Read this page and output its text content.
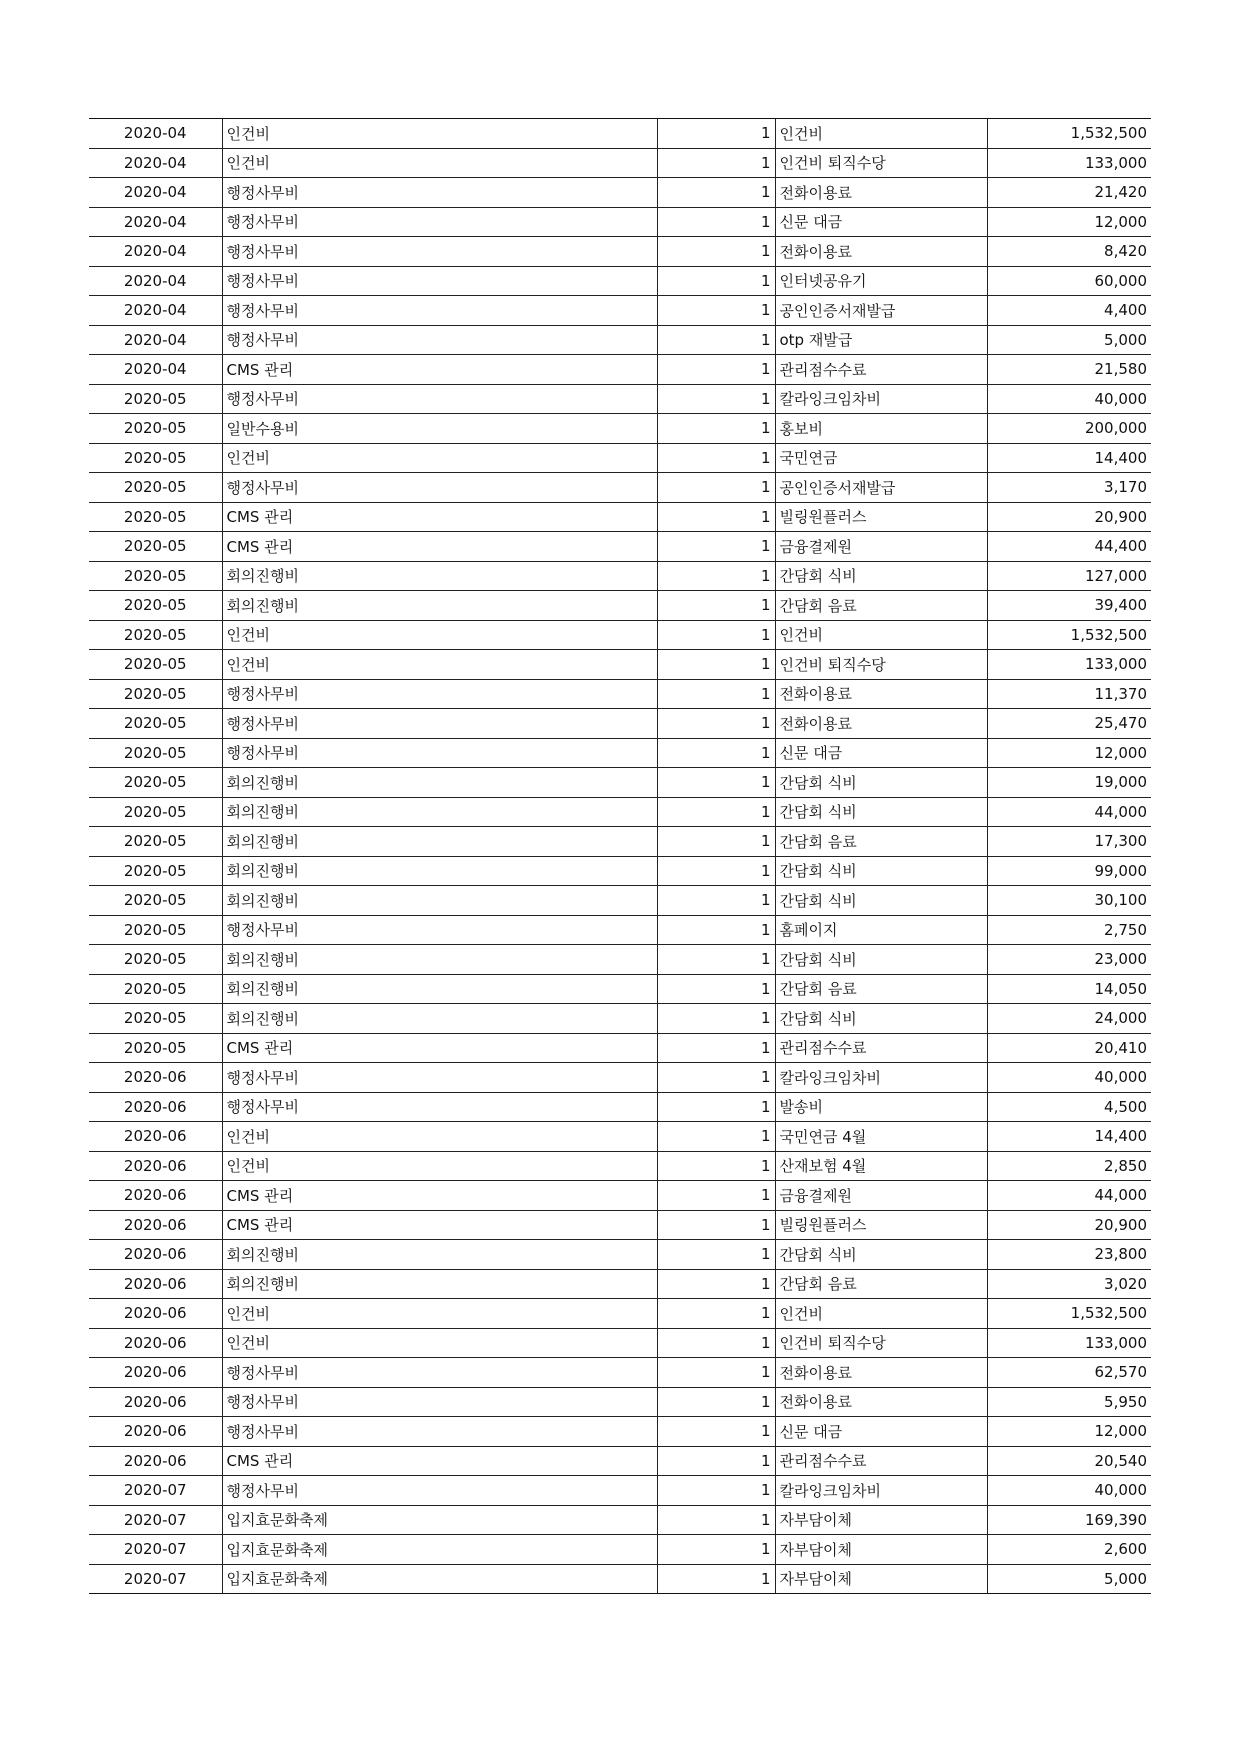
2020-04	인건비	1	인건비	1,532,500
2020-04	인건비	1	인건비 퇴직수당	133,000
2020-04	행정사무비	1	전화이용료	21,420
2020-04	행정사무비	1	신문 대금	12,000
2020-04	행정사무비	1	전화이용료	8,420
2020-04	행정사무비	1	인터넷공유기	60,000
2020-04	행정사무비	1	공인인증서재발급	4,400
2020-04	행정사무비	1	otp 재발급	5,000
2020-04	CMS 관리	1	관리점수수료	21,580
2020-05	행정사무비	1	칼라잉크임차비	40,000
2020-05	일반수용비	1	홍보비	200,000
2020-05	인건비	1	국민연금	14,400
2020-05	행정사무비	1	공인인증서재발급	3,170
2020-05	CMS 관리	1	빌링원플러스	20,900
2020-05	CMS 관리	1	금융결제원	44,400
2020-05	회의진행비	1	간담회 식비	127,000
2020-05	회의진행비	1	간담회 음료	39,400
2020-05	인건비	1	인건비	1,532,500
2020-05	인건비	1	인건비 퇴직수당	133,000
2020-05	행정사무비	1	전화이용료	11,370
2020-05	행정사무비	1	전화이용료	25,470
2020-05	행정사무비	1	신문 대금	12,000
2020-05	회의진행비	1	간담회 식비	19,000
2020-05	회의진행비	1	간담회 식비	44,000
2020-05	회의진행비	1	간담회 음료	17,300
2020-05	회의진행비	1	간담회 식비	99,000
2020-05	회의진행비	1	간담회 식비	30,100
2020-05	행정사무비	1	홈페이지	2,750
2020-05	회의진행비	1	간담회 식비	23,000
2020-05	회의진행비	1	간담회 음료	14,050
2020-05	회의진행비	1	간담회 식비	24,000
2020-05	CMS 관리	1	관리점수수료	20,410
2020-06	행정사무비	1	칼라잉크임차비	40,000
2020-06	행정사무비	1	발송비	4,500
2020-06	인건비	1	국민연금 4월	14,400
2020-06	인건비	1	산재보험 4월	2,850
2020-06	CMS 관리	1	금융결제원	44,000
2020-06	CMS 관리	1	빌링원플러스	20,900
2020-06	회의진행비	1	간담회 식비	23,800
2020-06	회의진행비	1	간담회 음료	3,020
2020-06	인건비	1	인건비	1,532,500
2020-06	인건비	1	인건비 퇴직수당	133,000
2020-06	행정사무비	1	전화이용료	62,570
2020-06	행정사무비	1	전화이용료	5,950
2020-06	행정사무비	1	신문 대금	12,000
2020-06	CMS 관리	1	관리점수수료	20,540
2020-07	행정사무비	1	칼라잉크임차비	40,000
2020-07	입지효문화축제	1	자부담이체	169,390
2020-07	입지효문화축제	1	자부담이체	2,600
2020-07	입지효문화축제	1	자부담이체	5,000
